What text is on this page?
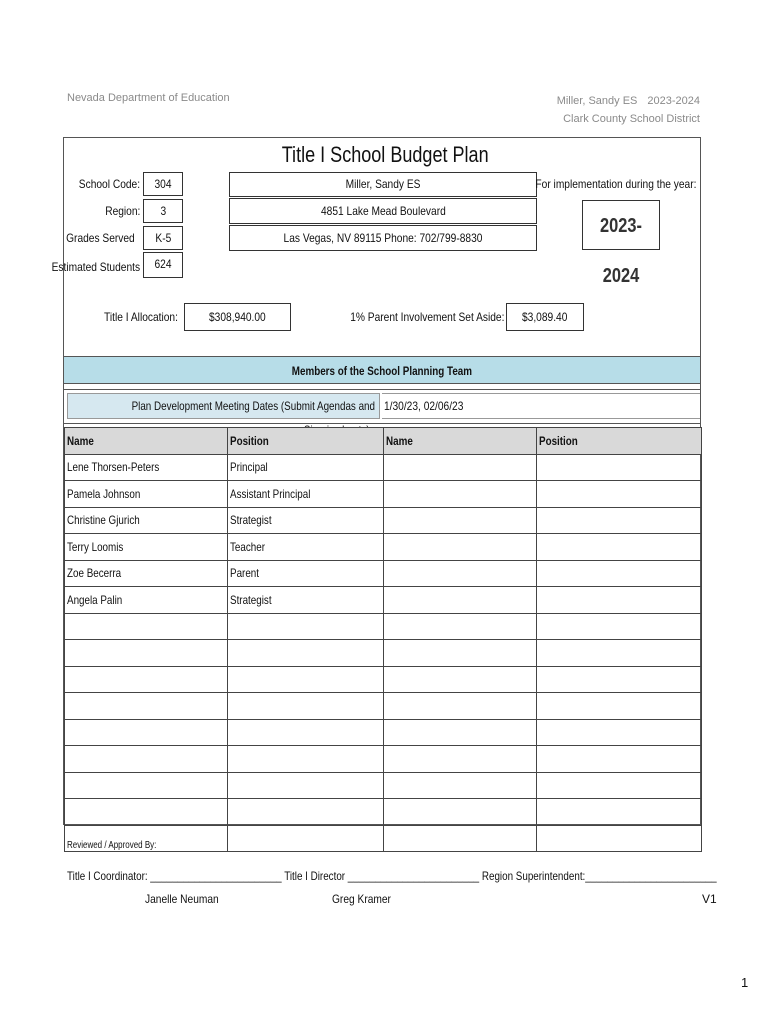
Nevada Department of Education	Miller, Sandy ES 2023-2024
Clark County School District
Title I School Budget Plan
School Code:	304
Region:	3
Grades Served	K-5
Estimated Students	624
Miller, Sandy ES
4851 Lake Mead Boulevard
Las Vegas, NV 89115 Phone: 702/799-8830
For implementation during the year:
2023-2024
Title I Allocation:	$308,940.00	1% Parent Involvement Set Aside:	$3,089.40
Members of the School Planning Team
Plan Development Meeting Dates (Submit Agendas and 1/30/23, 02/06/23
Name	Position	Name	Position
Lene Thorsen-Peters	Principal		
Pamela Johnson	Assistant Principal		
Christine Gjurich	Strategist		
Terry Loomis	Teacher		
Zoe Becerra	Parent		
Angela Palin	Strategist		

Reviewed / Approved By:
Title I Coordinator: ________________________ Title I Director ________________________ Region Superintendent:________________________
Janelle Neuman	Greg Kramer	V1
1
